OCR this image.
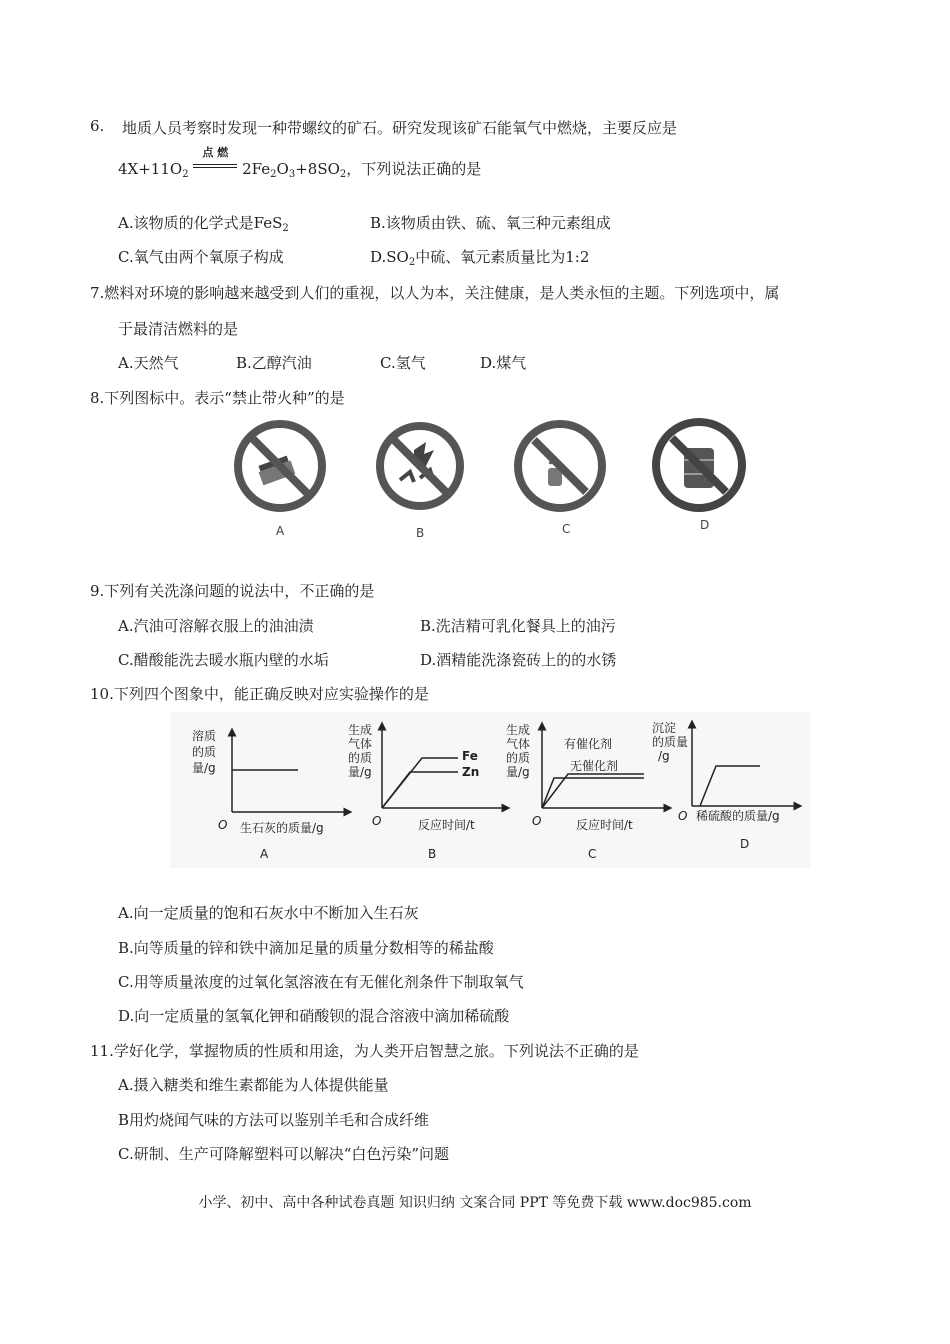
6. 地质人员考察时发现一种带螺纹的矿石。研究发现该矿石能氧气中燃烧，主要反应是
$4X+11O_2$
点 燃
$2Fe_2O_3+8SO_2$，下列说法正确的是
A.该物质的化学式是FeS$_2$	B.该物质由铁、硫、氧三种元素组成
C.氧气由两个氧原子构成	$D.SO_2$中硫、氧元素质量比为1:2
7.燃料对环境的影响越来越受到人们的重视，以人为本，关注健康，是人类永恒的主题。下列选项中，属
于最清洁燃料的是
A.天然气	B.乙醇汽油	C.氢气	D.煤气
8.下列图标中。表示“禁止带火种”的是
A	B	C	D
9.下列有关洗涤问题的说法中，不正确的是
A.汽油可溶解衣服上的油油渍	B.洗洁精可乳化餐具上的油污
C.醋酸能洗去暖水瓶内壁的水垢	D.酒精能洗涤瓷砖上的的水锈
10.下列四个图象中，能正确反映对应实验操作的是
溶质
的质
量/g
O 生石灰的质量/g
A
生成
气体
的质
量/g
Fe
Zn
O	反应时间/t
B
生成
气体
的质
量/g
有催化剂
无催化剂
O	反应时间/t
C
沉淀
的质量
/g
O 稀硫酸的质量/g
D
A.向一定质量的饱和石灰水中不断加入生石灰
B.向等质量的锌和铁中滴加足量的质量分数相等的稀盐酸
C.用等质量浓度的过氧化氢溶液在有无催化剂条件下制取氧气
D.向一定质量的氢氧化钾和硝酸钡的混合溶液中滴加稀硫酸
11.学好化学，掌握物质的性质和用途，为人类开启智慧之旅。下列说法不正确的是
A.摄入糖类和维生素都能为人体提供能量
B用灼烧闻气味的方法可以鉴别羊毛和合成纤维
C.研制、生产可降解塑料可以解决“白色污染”问题
小学、初中、高中各种试卷真题 知识归纳 文案合同 PPT 等免费下载 www.doc985.com
